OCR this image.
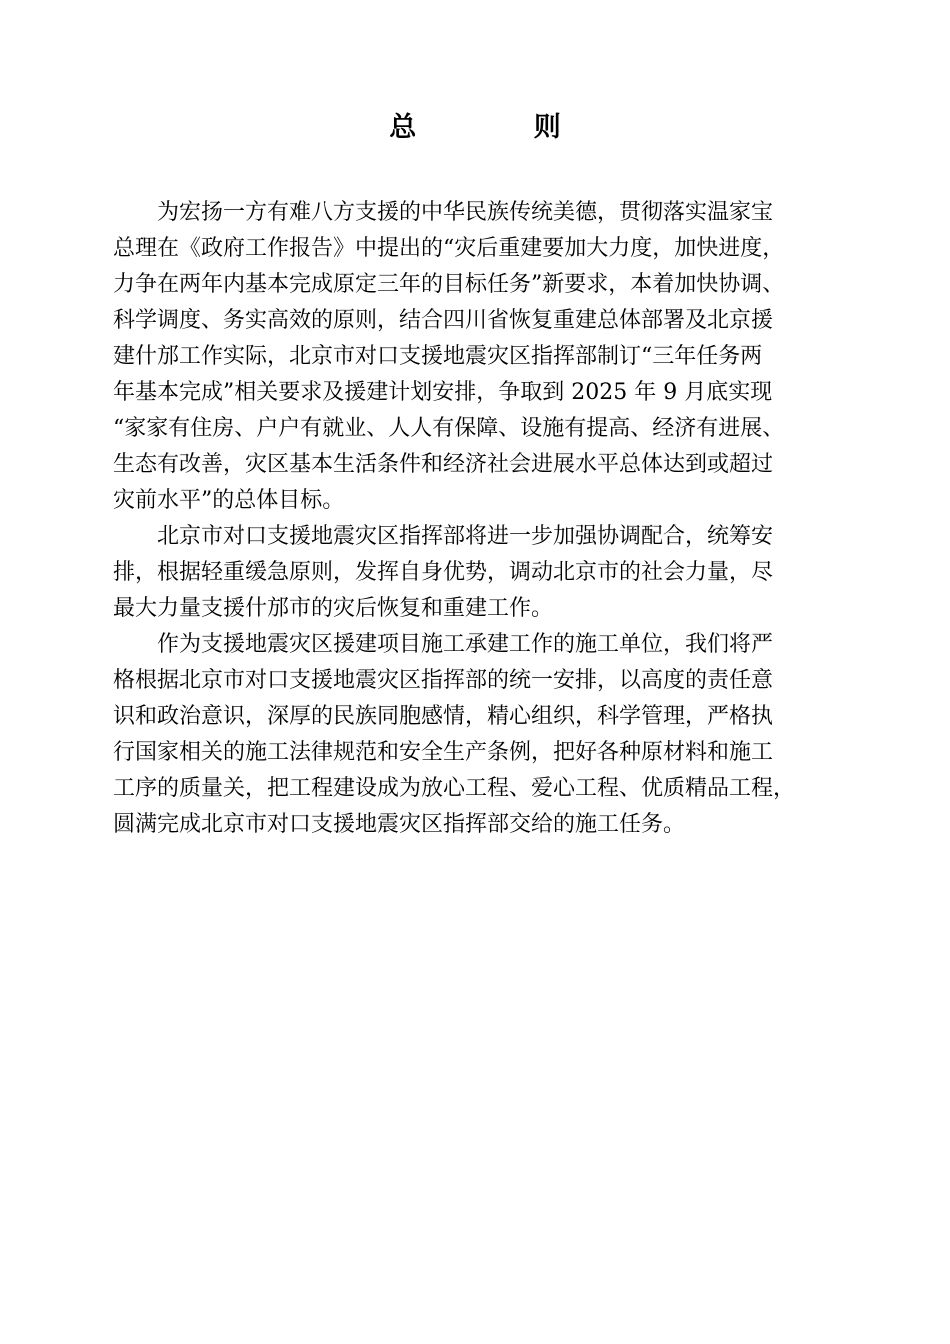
总 则

为宏扬一方有难八方支援的中华民族传统美德，贯彻落实温家宝
总理在《政府工作报告》中提出的“灾后重建要加大力度，加快进度，
力争在两年内基本完成原定三年的目标任务”新要求，本着加快协调、
科学调度、务实高效的原则，结合四川省恢复重建总体部署及北京援
建什邡工作实际，北京市对口支援地震灾区指挥部制订“三年任务两
年基本完成”相关要求及援建计划安排，争取到 2025 年 9 月底实现
“家家有住房、户户有就业、人人有保障、设施有提高、经济有进展、
生态有改善，灾区基本生活条件和经济社会进展水平总体达到或超过
灾前水平”的总体目标。

北京市对口支援地震灾区指挥部将进一步加强协调配合，统筹安
排，根据轻重缓急原则，发挥自身优势，调动北京市的社会力量，尽
最大力量支援什邡市的灾后恢复和重建工作。

作为支援地震灾区援建项目施工承建工作的施工单位，我们将严
格根据北京市对口支援地震灾区指挥部的统一安排，以高度的责任意
识和政治意识，深厚的民族同胞感情，精心组织，科学管理，严格执
行国家相关的施工法律规范和安全生产条例，把好各种原材料和施工
工序的质量关，把工程建设成为放心工程、爱心工程、优质精品工程，
圆满完成北京市对口支援地震灾区指挥部交给的施工任务。
